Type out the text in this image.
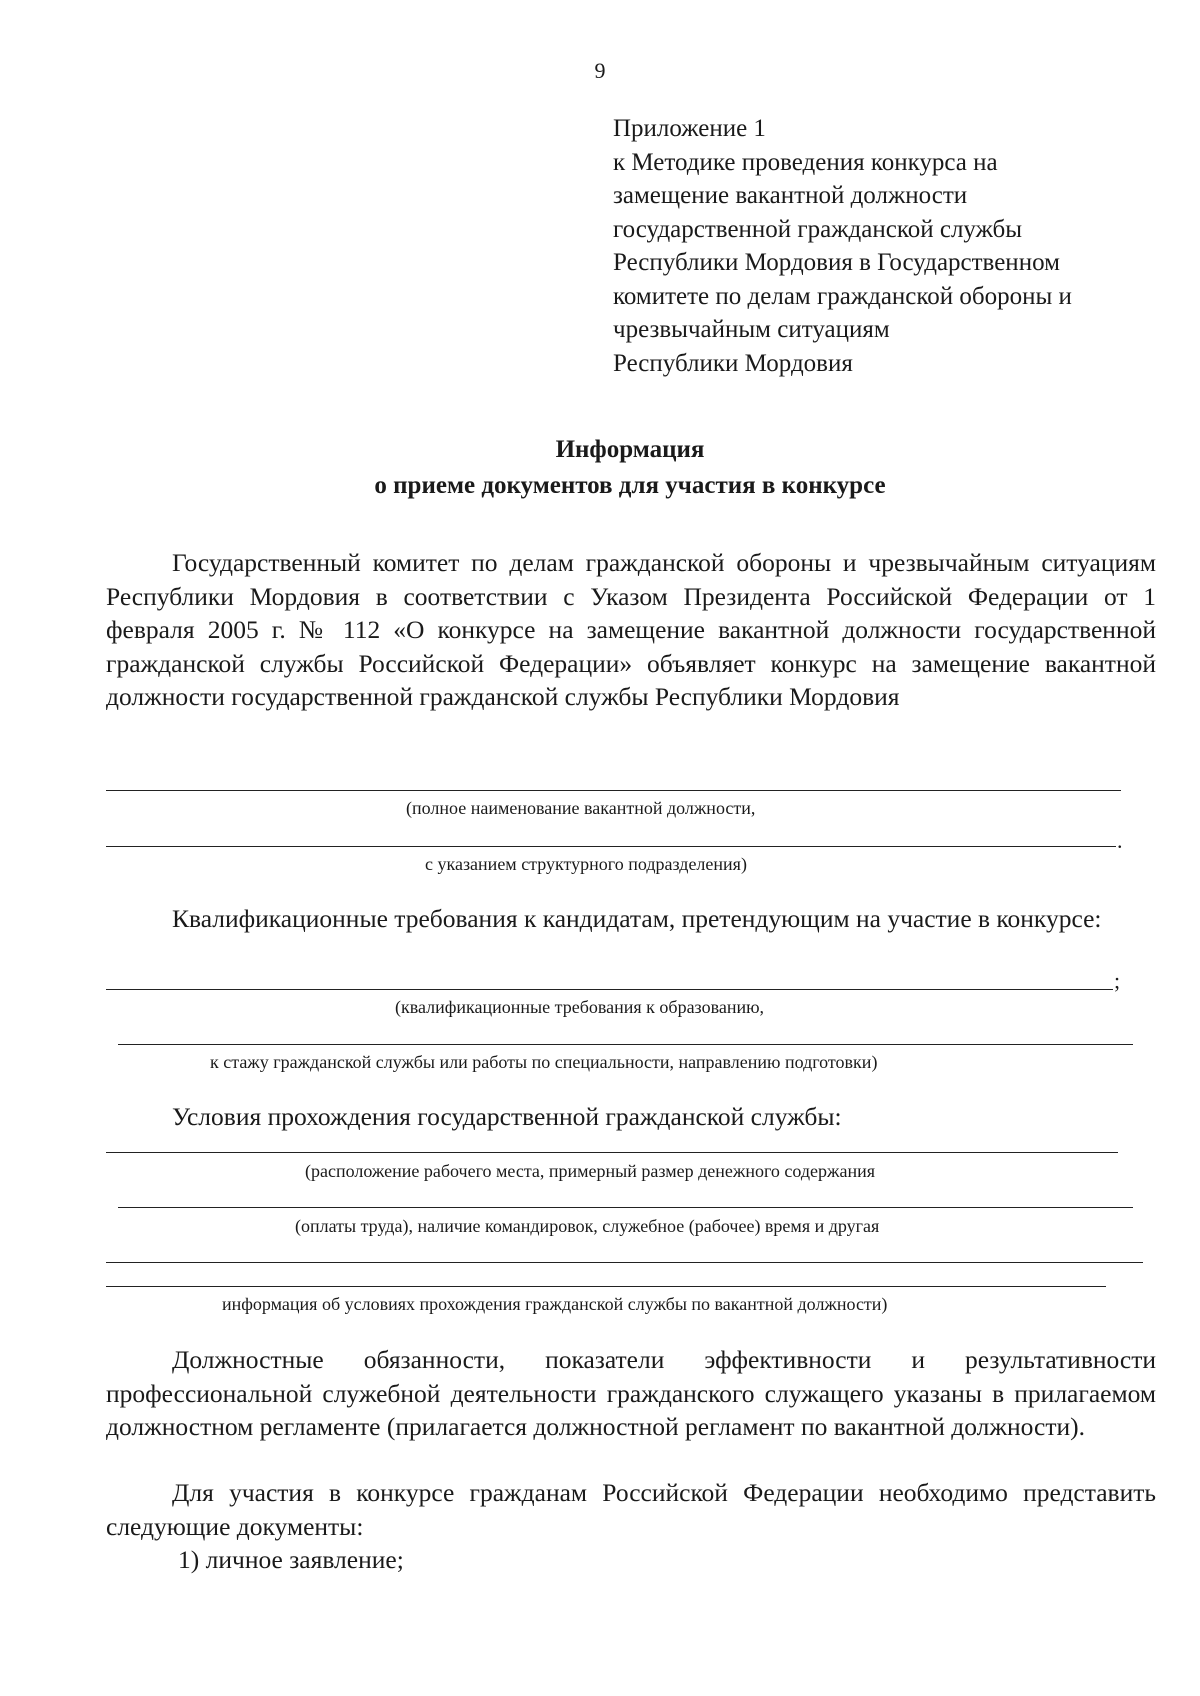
9
Приложение 1
к Методике проведения конкурса на
замещение вакантной должности
государственной гражданской службы
Республики Мордовия в Государственном
комитете по делам гражданской обороны и
чрезвычайным ситуациям
Республики Мордовия
Информация
о приеме документов для участия в конкурсе
Государственный комитет по делам гражданской обороны и чрезвычайным ситуациям Республики Мордовия в соответствии с Указом Президента Российской Федерации от 1 февраля 2005 г. № 112 «О конкурсе на замещение вакантной должности государственной гражданской службы Российской Федерации» объявляет конкурс на замещение вакантной должности государственной гражданской службы Республики Мордовия
(полное наименование вакантной должности,
.
с указанием структурного подразделения)
Квалификационные требования к кандидатам, претендующим на участие в конкурсе:
;
(квалификационные требования к образованию,
к стажу гражданской службы или работы по специальности, направлению подготовки)
Условия прохождения государственной гражданской службы:
(расположение рабочего места, примерный размер денежного содержания
(оплаты труда), наличие командировок, служебное (рабочее) время и другая
информация об условиях прохождения гражданской службы по вакантной должности)
Должностные обязанности, показатели эффективности и результативности профессиональной служебной деятельности гражданского служащего указаны в прилагаемом должностном регламенте (прилагается должностной регламент по вакантной должности).
Для участия в конкурсе гражданам Российской Федерации необходимо представить следующие документы:
1) личное заявление;
